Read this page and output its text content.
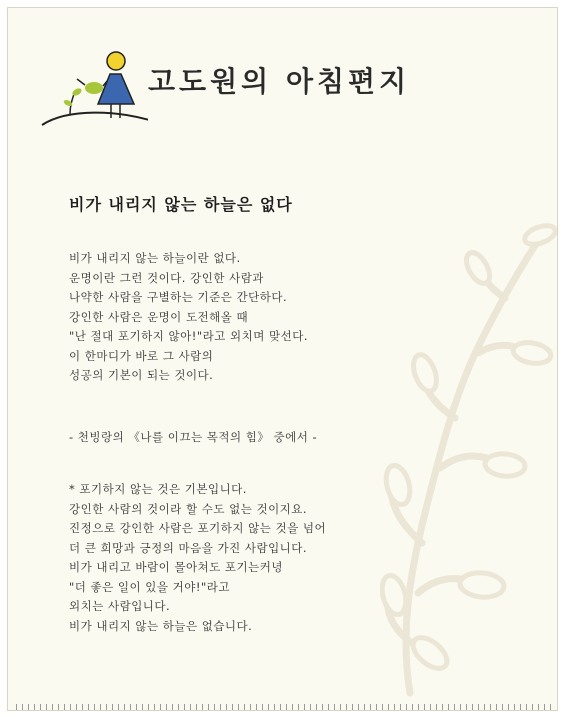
고도원의 아침편지
비가 내리지 않는 하늘은 없다
비가 내리지 않는 하늘이란 없다.
운명이란 그런 것이다. 강인한 사람과
나약한 사람을 구별하는 기준은 간단하다.
강인한 사람은 운명이 도전해올 때
"난 절대 포기하지 않아!"라고 외치며 맞선다.
이 한마디가 바로 그 사람의
성공의 기본이 되는 것이다.
- 천빙랑의 《나를 이끄는 목적의 힘》 중에서 -
* 포기하지 않는 것은 기본입니다.
강인한 사람의 것이라 할 수도 없는 것이지요.
진정으로 강인한 사람은 포기하지 않는 것을 넘어
더 큰 희망과 긍정의 마음을 가진 사람입니다.
비가 내리고 바람이 몰아쳐도 포기는커녕
"더 좋은 일이 있을 거야!"라고
외치는 사람입니다.
비가 내리지 않는 하늘은 없습니다.
